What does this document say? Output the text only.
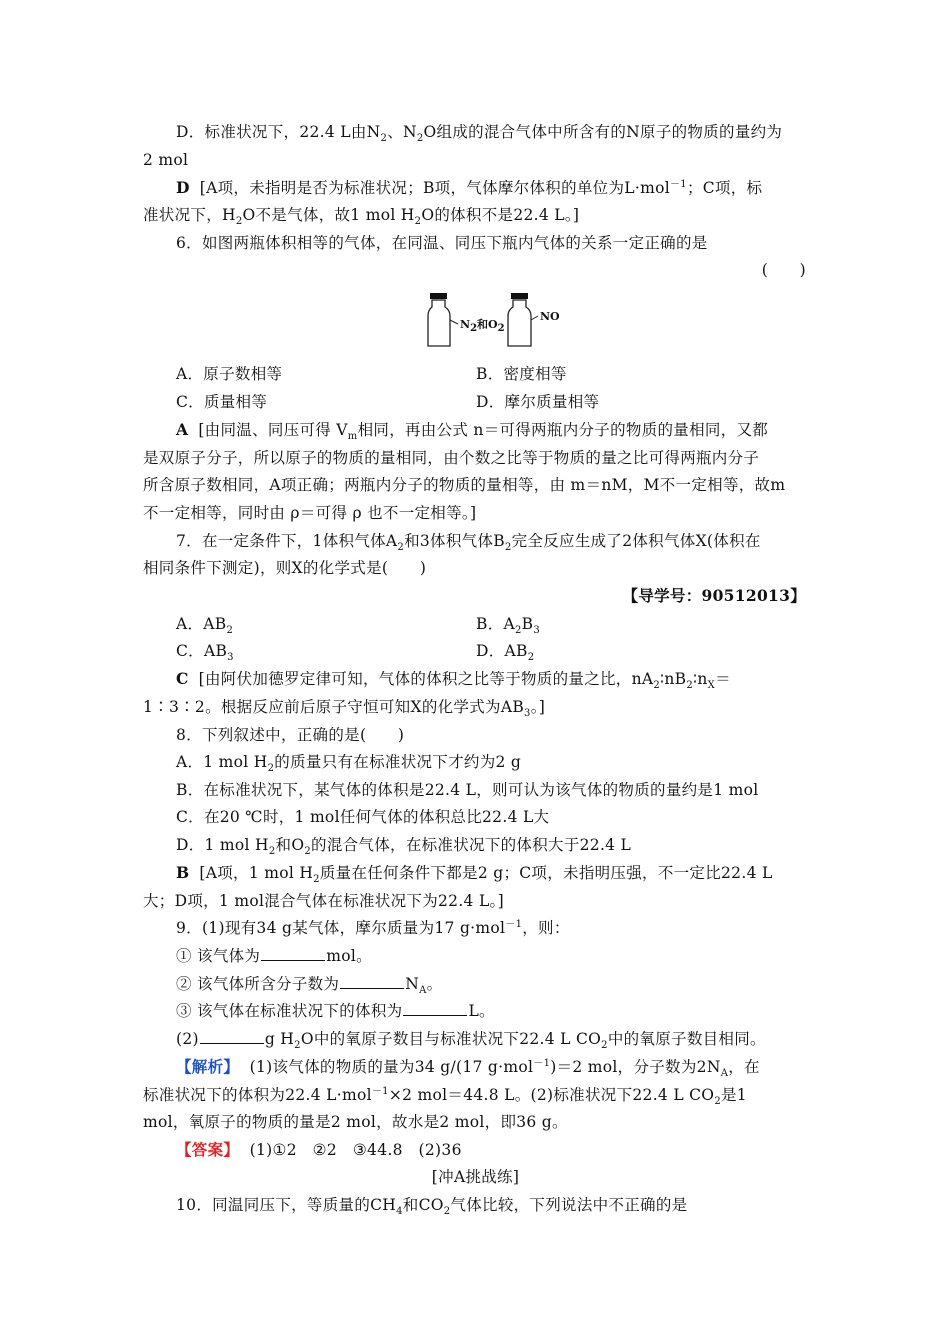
D．标准状况下，22.4 L由$N_2$、$N_2O$组成的混合气体中所含有的N原子的物质的量约为
2 mol
D [A项，未指明是否为标准状况；B项，气体摩尔体积的单位为L·mol$^{-1}$；C项，标
准状况下，$H_2O$不是气体，故1 mol $H_2O$的体积不是22.4 L。]
6．如图两瓶体积相等的气体，在同温、同压下瓶内气体的关系一定正确的是
(　　)
$N_2$和$O_2$
NO
A．原子数相等	B．密度相等
C．质量相等	D．摩尔质量相等
A [由同温、同压可得 $V_m$相同，再由公式 n＝可得两瓶内分子的物质的量相同，又都
是双原子分子，所以原子的物质的量相同，由个数之比等于物质的量之比可得两瓶内分子
所含原子数相同，A项正确；两瓶内分子的物质的量相等，由 m＝nM，M不一定相等，故m
不一定相等，同时由 ρ＝可得 ρ 也不一定相等。]
7．在一定条件下，1体积气体$A_2$和3体积气体$B_2$完全反应生成了2体积气体X(体积在
相同条件下测定)，则X的化学式是(　　)
【导学号：90512013】
A．$AB_2$	B．$A_2B_3$
C．$AB_3$	D．$AB_2$
C [由阿伏加德罗定律可知，气体的体积之比等于物质的量之比，$nA_2∶nB_2∶n_X=$
1∶3∶2。根据反应前后原子守恒可知X的化学式为$AB_3$。]
8．下列叙述中，正确的是(　　)
A．1 mol $H_2$的质量只有在标准状况下才约为2 g
B．在标准状况下，某气体的体积是22.4 L，则可认为该气体的物质的量约是1 mol
C．在20 ℃时，1 mol任何气体的体积总比22.4 L大
D．1 mol $H_2$和$O_2$的混合气体，在标准状况下的体积大于22.4 L
B [A项，1 mol $H_2$质量在任何条件下都是2 g；C项，未指明压强，不一定比22.4 L
大；D项，1 mol混合气体在标准状况下为22.4 L。]
9．(1)现有34 g某气体，摩尔质量为17 g·mol$^{-1}$，则：
① 该气体为	mol。
② 该气体所含分子数为	$N_A$。
③ 该气体在标准状况下的体积为	L。
(2)	g $H_2O$中的氧原子数目与标准状况下22.4 L $CO_2$中的氧原子数目相同。
【解析】 (1)该气体的物质的量为34 g/(17 g·mol$^{-1}$)＝2 mol，分子数为$2N_A$，在
标准状况下的体积为22.4 L·mol$^{-1}$×2 mol＝44.8 L。(2)标准状况下22.4 L $CO_2$是1
mol，氧原子的物质的量是2 mol，故水是2 mol，即36 g。
【答案】 (1)①2　②2　③44.8　(2)36
[冲A挑战练]
10．同温同压下，等质量的$CH_4$和$CO_2$气体比较，下列说法中不正确的是
